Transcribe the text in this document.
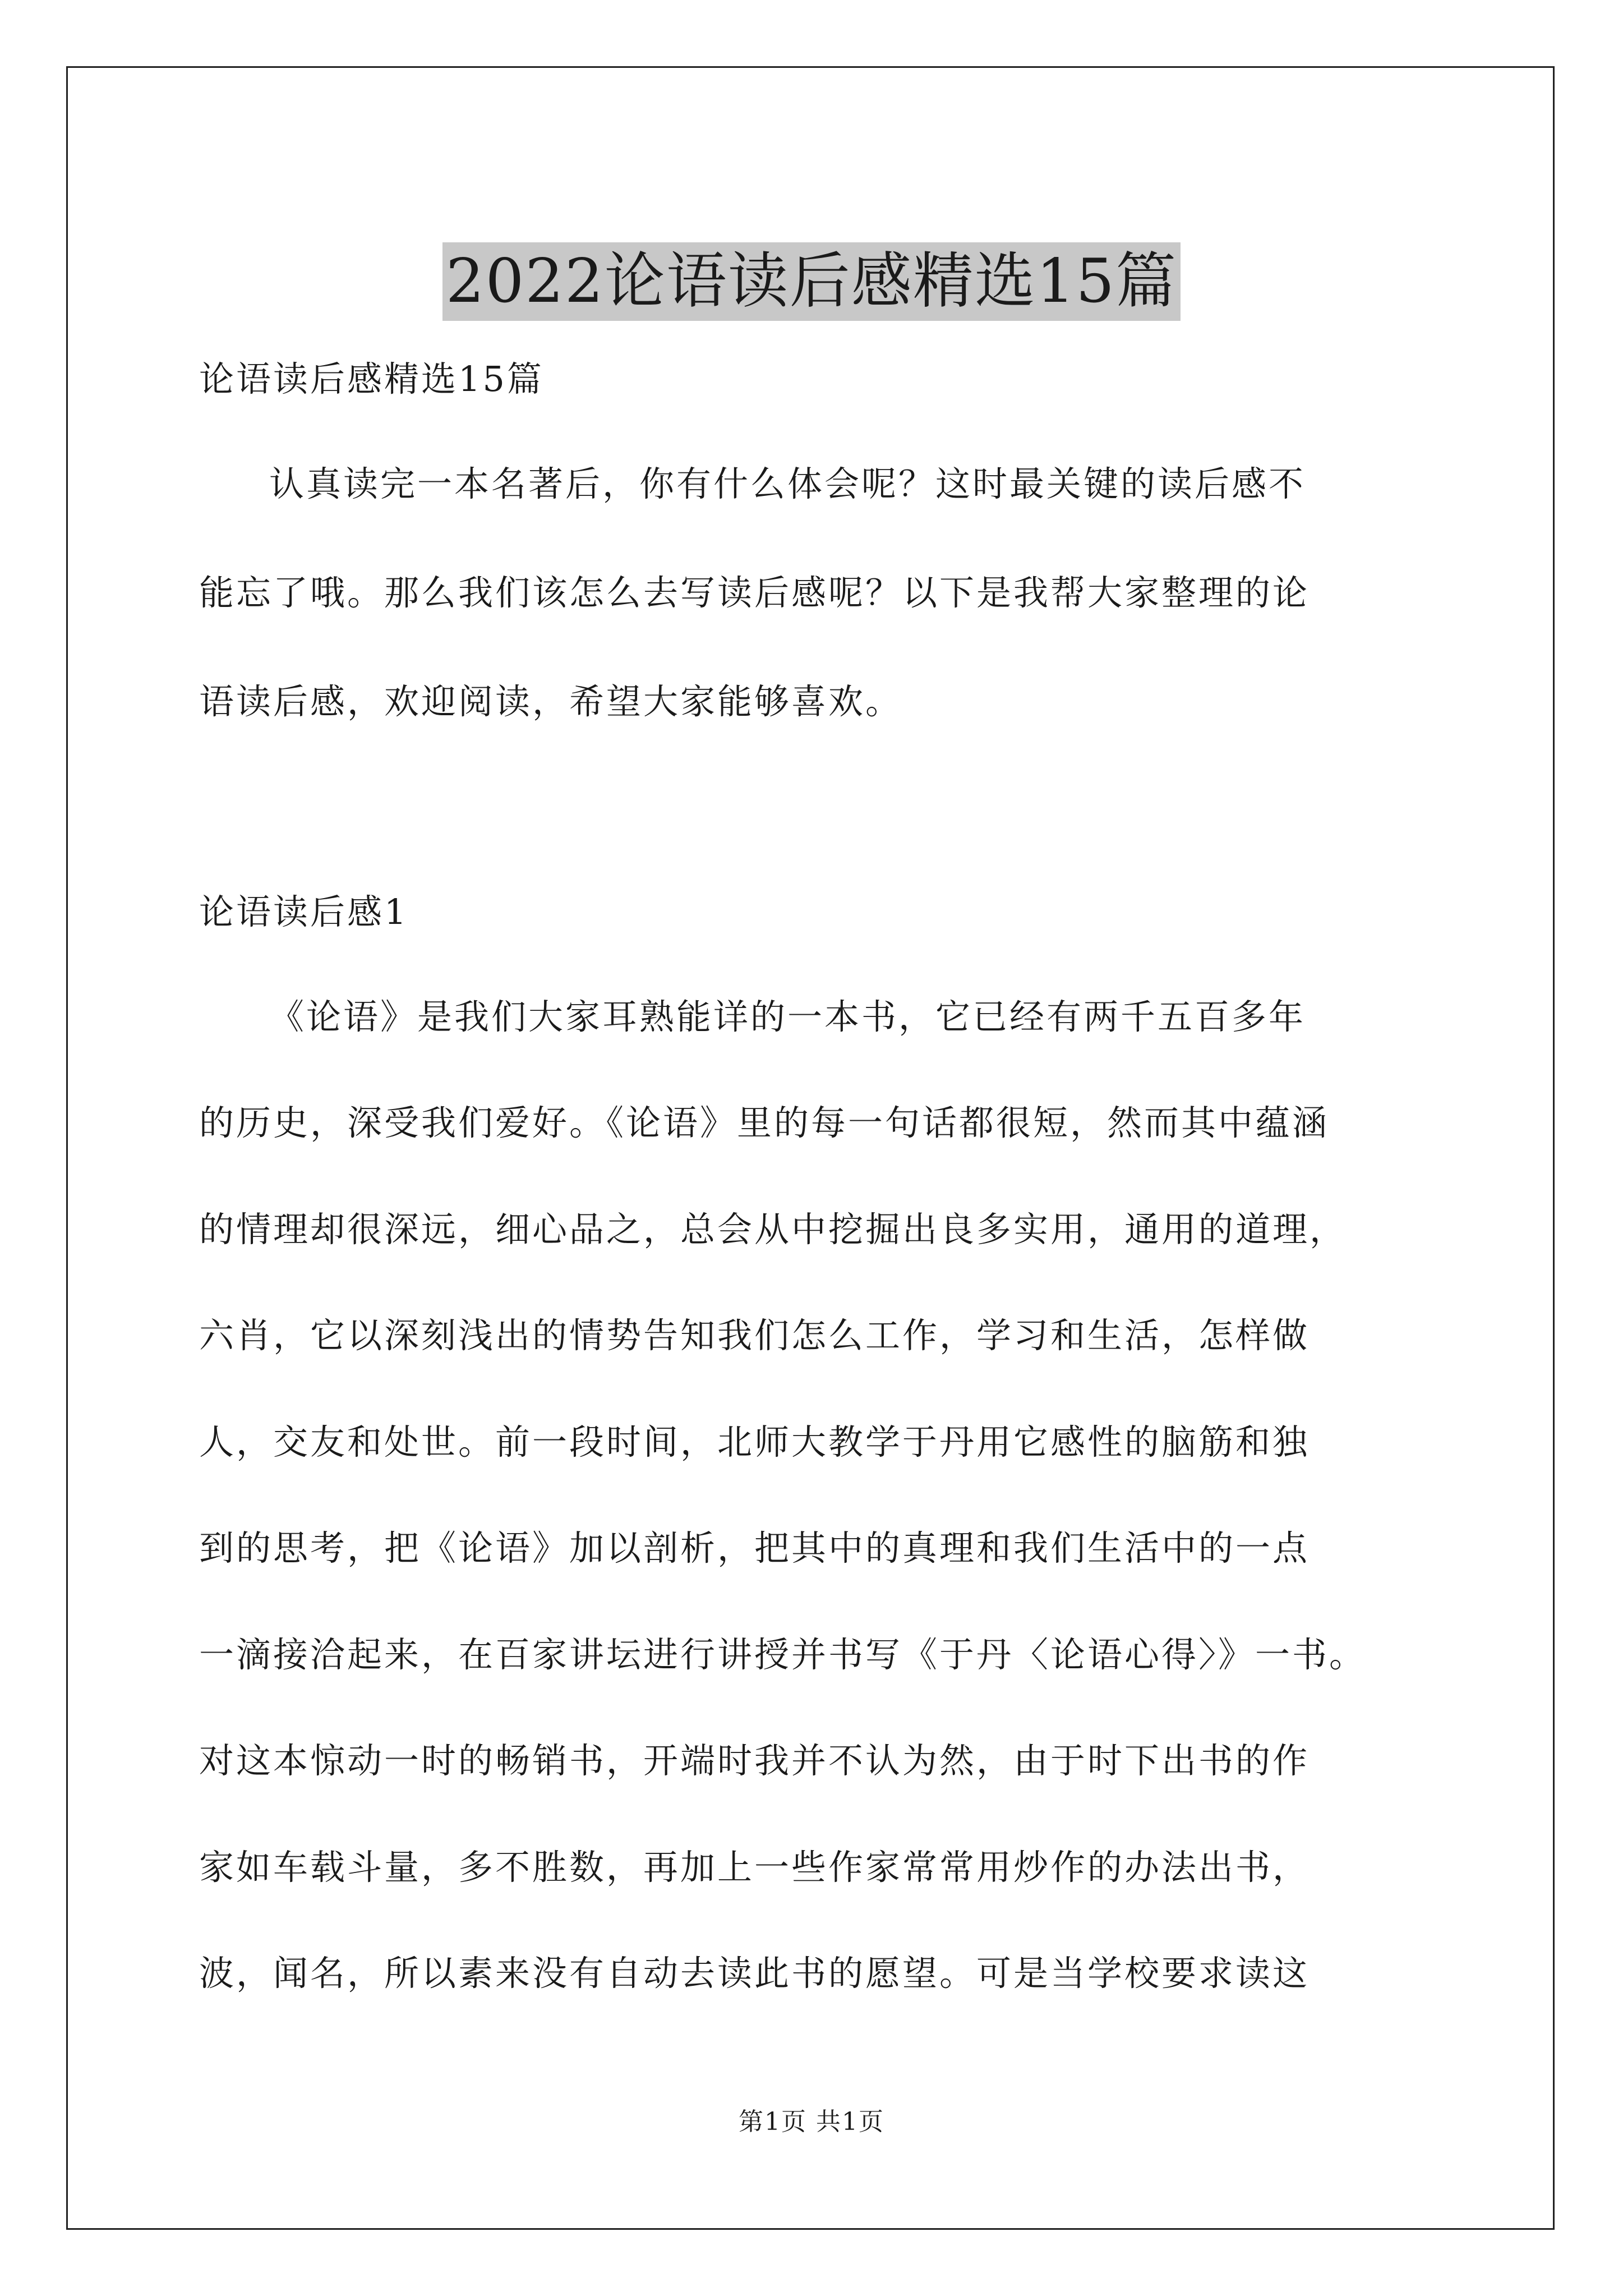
2022论语读后感精选15篇
论语读后感精选15篇
认真读完一本名著后，你有什么体会呢？这时最关键的读后感不
能忘了哦。那么我们该怎么去写读后感呢？以下是我帮大家整理的论
语读后感，欢迎阅读，希望大家能够喜欢。
论语读后感1
《论语》是我们大家耳熟能详的一本书，它已经有两千五百多年
的历史，深受我们爱好。《论语》里的每一句话都很短，然而其中蕴涵
的情理却很深远，细心品之，总会从中挖掘出良多实用，通用的道理，
六肖，它以深刻浅出的情势告知我们怎么工作，学习和生活，怎样做
人，交友和处世。前一段时间，北师大教学于丹用它感性的脑筋和独
到的思考，把《论语》加以剖析，把其中的真理和我们生活中的一点
一滴接洽起来，在百家讲坛进行讲授并书写《于丹〈论语心得〉》一书。
对这本惊动一时的畅销书，开端时我并不认为然，由于时下出书的作
家如车载斗量，多不胜数，再加上一些作家常常用炒作的办法出书，
波，闻名，所以素来没有自动去读此书的愿望。可是当学校要求读这
第1页 共1页
